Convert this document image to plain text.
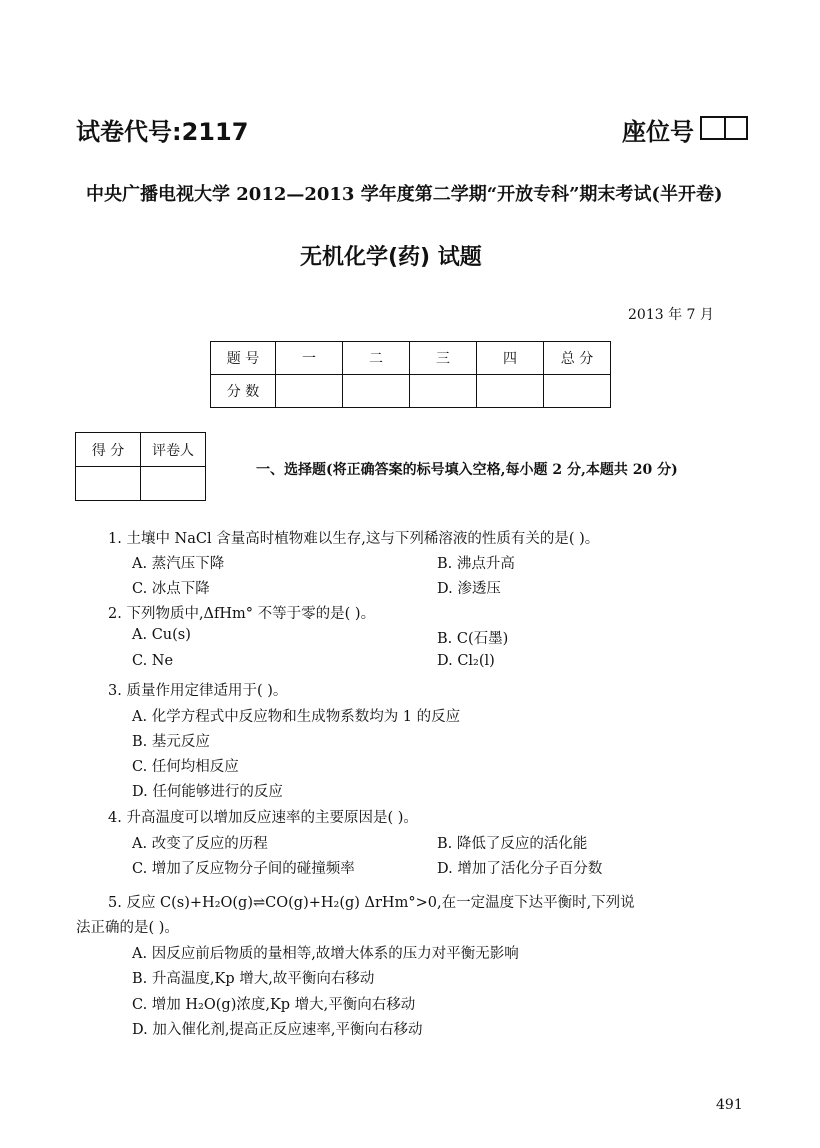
试卷代号:2117	座位号
中央广播电视大学 2012—2013 学年度第二学期“开放专科”期末考试(半开卷)
无机化学(药) 试题
2013 年 7 月
题 号	一	二	三	四	总 分
分 数					
得 分	评卷人

一、选择题(将正确答案的标号填入空格,每小题 2 分,本题共 20 分)
1. 土壤中 NaCl 含量高时植物难以生存,这与下列稀溶液的性质有关的是( )。
A. 蒸汽压下降	B. 沸点升高
C. 冰点下降	D. 渗透压
2. 下列物质中,ΔfHm° 不等于零的是( )。
A. Cu(s)	B. C(石墨)
C. Ne	D. Cl₂(l)
3. 质量作用定律适用于( )。
A. 化学方程式中反应物和生成物系数均为 1 的反应
B. 基元反应
C. 任何均相反应
D. 任何能够进行的反应
4. 升高温度可以增加反应速率的主要原因是( )。
A. 改变了反应的历程	B. 降低了反应的活化能
C. 增加了反应物分子间的碰撞频率	D. 增加了活化分子百分数
5. 反应 C(s)+H₂O(g)⇌CO(g)+H₂(g) ΔrHm°>0,在一定温度下达平衡时,下列说
法正确的是( )。
A. 因反应前后物质的量相等,故增大体系的压力对平衡无影响
B. 升高温度,Kp 增大,故平衡向右移动
C. 增加 H₂O(g)浓度,Kp 增大,平衡向右移动
D. 加入催化剂,提高正反应速率,平衡向右移动
491
